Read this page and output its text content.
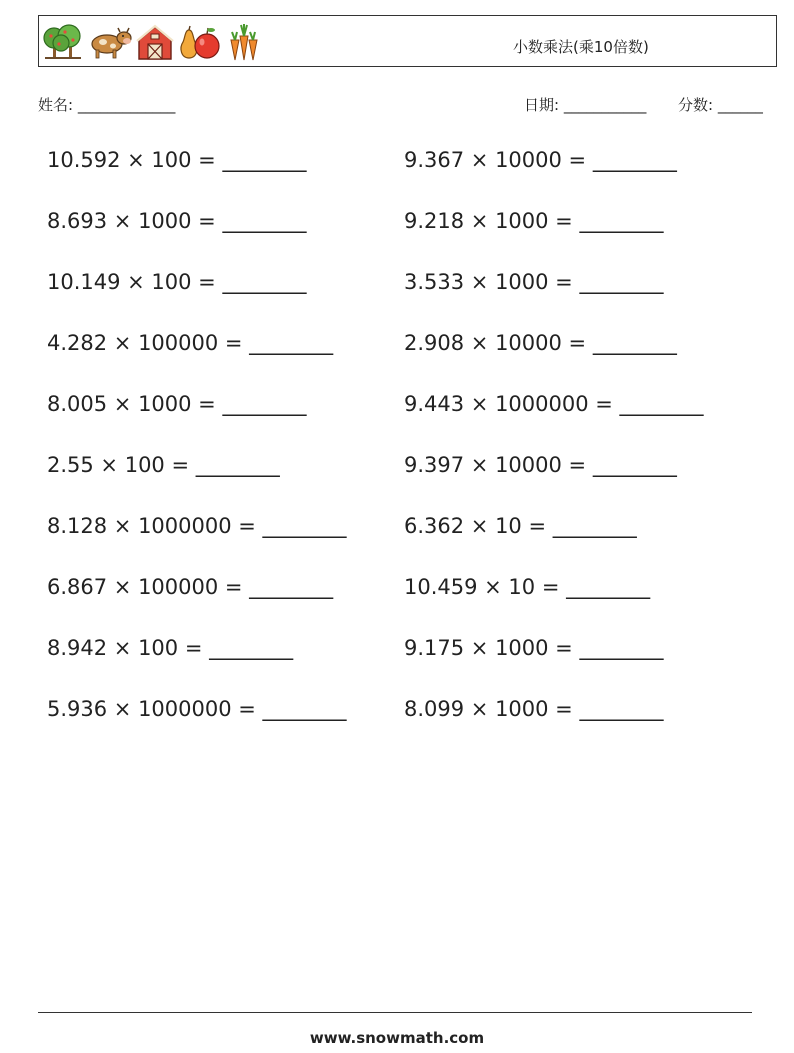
小数乘法(乘10倍数)
姓名: _____________	日期: ___________ 分数: ______
10.592 × 100 = ________
8.693 × 1000 = ________
10.149 × 100 = ________
4.282 × 100000 = ________
8.005 × 1000 = ________
2.55 × 100 = ________
8.128 × 1000000 = ________
6.867 × 100000 = ________
8.942 × 100 = ________
5.936 × 1000000 = ________
9.367 × 10000 = ________
9.218 × 1000 = ________
3.533 × 1000 = ________
2.908 × 10000 = ________
9.443 × 1000000 = ________
9.397 × 10000 = ________
6.362 × 10 = ________
10.459 × 10 = ________
9.175 × 1000 = ________
8.099 × 1000 = ________
www.snowmath.com
